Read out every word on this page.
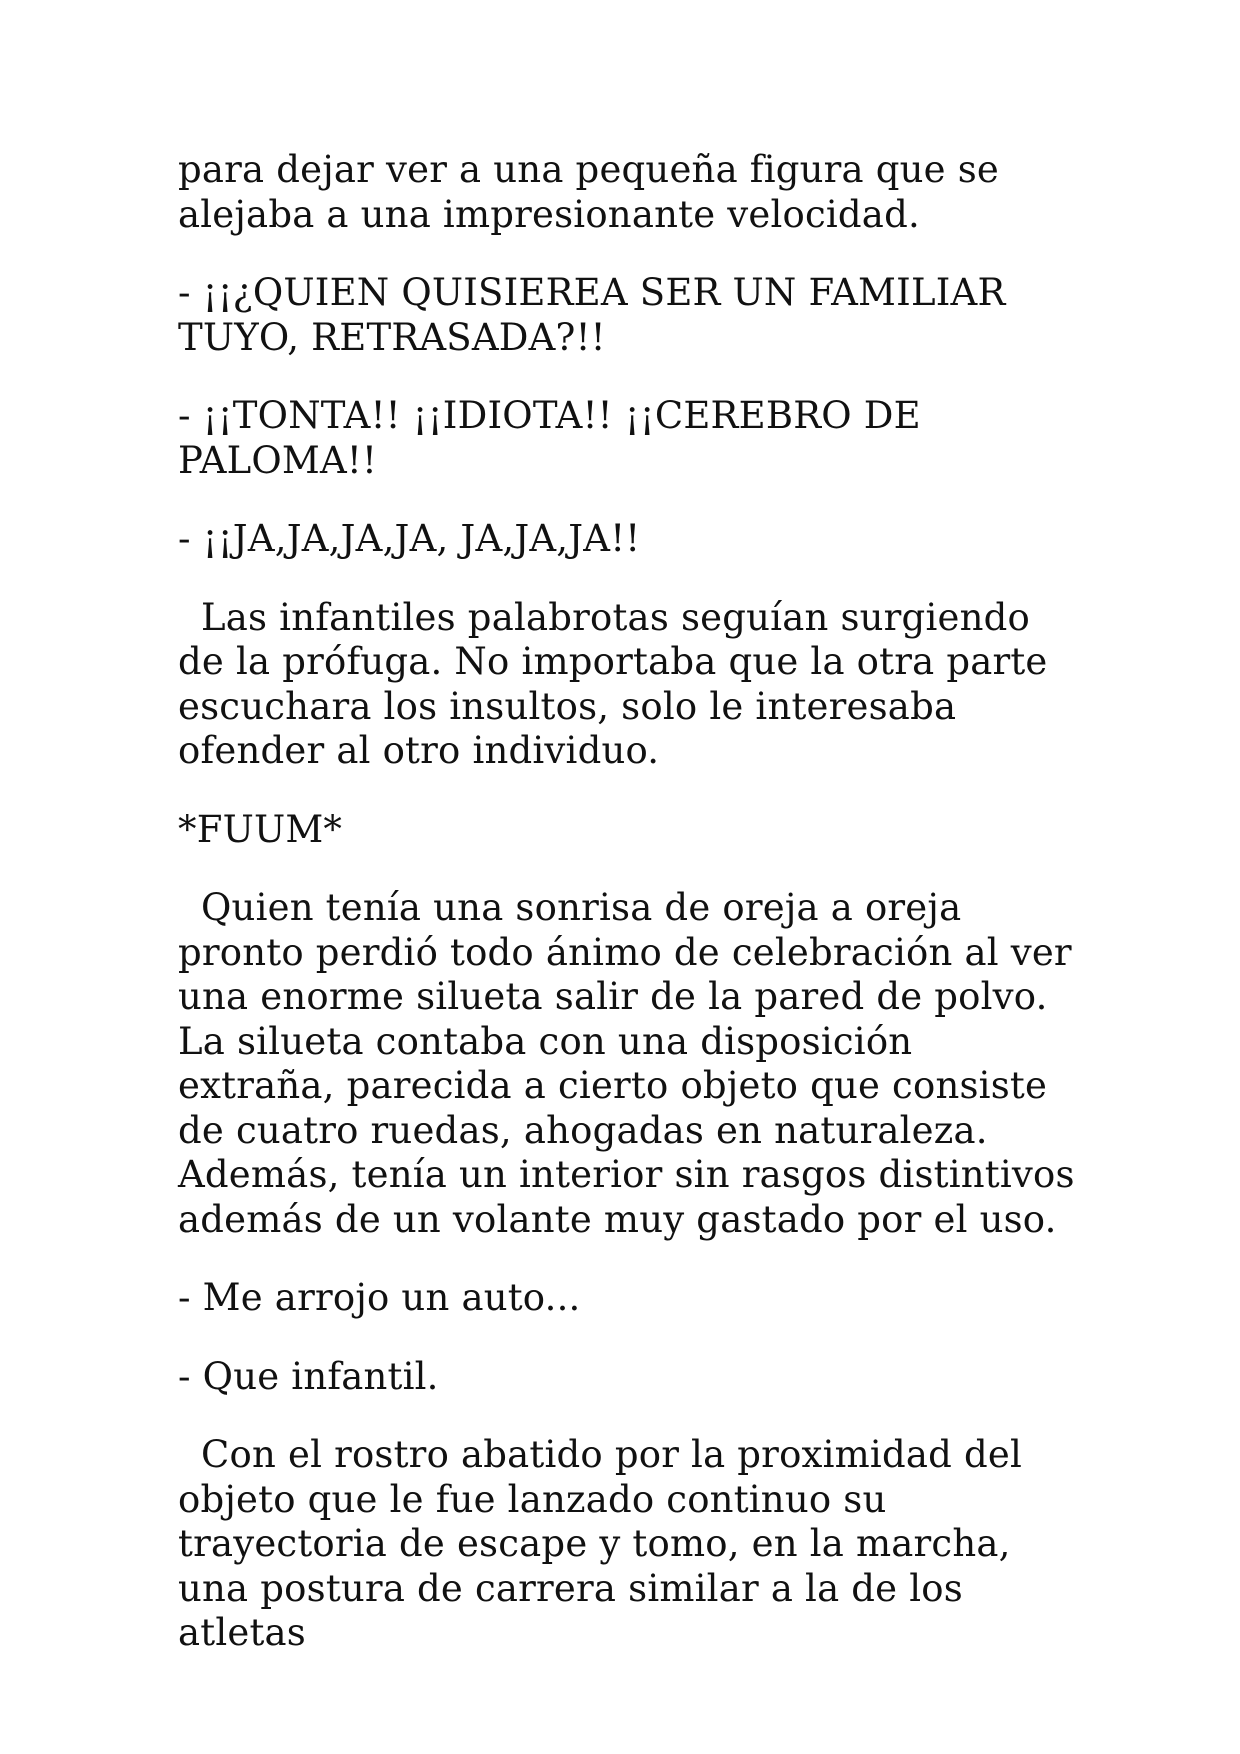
para dejar ver a una pequeña figura que se alejaba a una impresionante velocidad.

- ¡¡¿QUIEN QUISIEREA SER UN FAMILIAR TUYO, RETRASADA?!!

- ¡¡TONTA!! ¡¡IDIOTA!! ¡¡CEREBRO DE PALOMA!!

- ¡¡JA,JA,JA,JA, JA,JA,JA!!

Las infantiles palabrotas seguían surgiendo de la prófuga. No importaba que la otra parte escuchara los insultos, solo le interesaba ofender al otro individuo.

*FUUM*

Quien tenía una sonrisa de oreja a oreja pronto perdió todo ánimo de celebración al ver una enorme silueta salir de la pared de polvo. La silueta contaba con una disposición extraña, parecida a cierto objeto que consiste de cuatro ruedas, ahogadas en naturaleza. Además, tenía un interior sin rasgos distintivos además de un volante muy gastado por el uso.

- Me arrojo un auto...

- Que infantil.

Con el rostro abatido por la proximidad del objeto que le fue lanzado continuo su trayectoria de escape y tomo, en la marcha, una postura de carrera similar a la de los atletas
